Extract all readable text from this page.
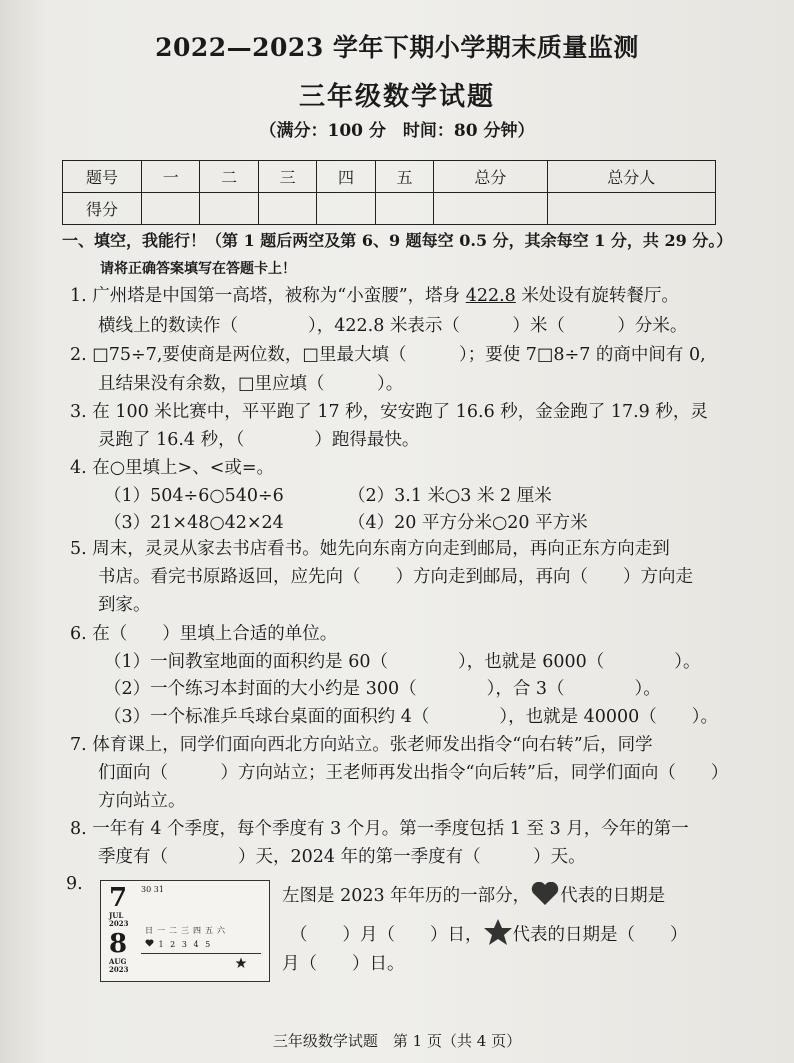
2022—2023 学年下期小学期末质量监测
三年级数学试题
（满分：100 分　时间：80 分钟）
题号	一	二	三	四	五	总分	总分人
得分							
一、填空，我能行！（第 1 题后两空及第 6、9 题每空 0.5 分，其余每空 1 分，共 29 分。）
请将正确答案填写在答题卡上！
1. 广州塔是中国第一高塔，被称为“小蛮腰”，塔身 422.8 米处设有旋转餐厅。
横线上的数读作（　　　　），422.8 米表示（　　　）米（　　　）分米。
2. □75÷7,要使商是两位数，□里最大填（　　　）；要使 7□8÷7 的商中间有 0,
且结果没有余数，□里应填（　　　）。
3. 在 100 米比赛中，平平跑了 17 秒，安安跑了 16.6 秒，金金跑了 17.9 秒，灵
灵跑了 16.4 秒，（　　　　）跑得最快。
4. 在○里填上>、<或=。
（1）504÷6○540÷6	（2）3.1 米○3 米 2 厘米
（3）21×48○42×24	（4）20 平方分米○20 平方米
5. 周末，灵灵从家去书店看书。她先向东南方向走到邮局，再向正东方向走到
书店。看完书原路返回，应先向（　　）方向走到邮局，再向（　　）方向走
到家。
6. 在（　　）里填上合适的单位。
（1）一间教室地面的面积约是 60（　　　　），也就是 6000（　　　　）。
（2）一个练习本封面的大小约是 300（　　　　），合 3（　　　　）。
（3）一个标准乒乓球台桌面的面积约 4（　　　　），也就是 40000（　　）。
7. 体育课上，同学们面向西北方向站立。张老师发出指令“向右转”后，同学
们面向（　　　）方向站立；王老师再发出指令“向后转”后，同学们面向（　　）
方向站立。
8. 一年有 4 个季度，每个季度有 3 个月。第一季度包括 1 至 3 月，今年的第一
季度有（　　　　）天，2024 年的第一季度有（　　　）天。
9. 7
JUL
2023
30 31
8
AUG
2023
日一二三四五六
1 2 3 4 5
左图是 2023 年年历的一部分， 代表的日期是
（　　）月（　　）日， 代表的日期是（　　）
月（　　）日。
三年级数学试题　第 1 页（共 4 页）
